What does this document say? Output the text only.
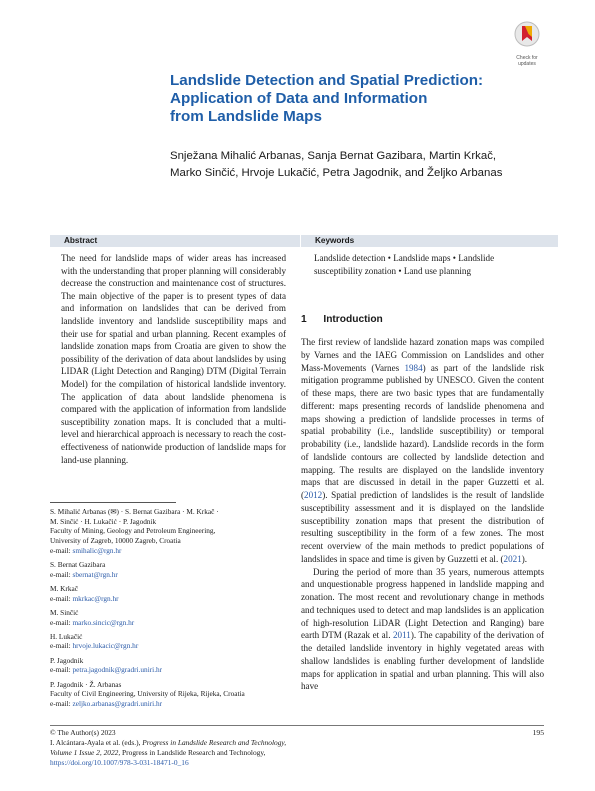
Check for
updates
Landslide Detection and Spatial Prediction:
Application of Data and Information
from Landslide Maps
Snježana Mihalić Arbanas, Sanja Bernat Gazibara, Martin Krkač,
Marko Sinčić, Hrvoje Lukačić, Petra Jagodnik, and Željko Arbanas
Abstract

The need for landslide maps of wider areas has increased with the understanding that proper planning will considerably decrease the construction and maintenance cost of structures. The main objective of the paper is to present types of data and information on landslides that can be derived from landslide inventory and landslide susceptibility maps and their use for spatial and urban planning. Recent examples of landslide zonation maps from Croatia are given to show the possibility of the derivation of data about landslides by using LIDAR (Light Detection and Ranging) DTM (Digital Terrain Model) for the compilation of historical landslide inventory. The application of data about landslide phenomena is compared with the application of information from landslide susceptibility zonation maps. It is concluded that a multi-level and hierarchical approach is necessary to reach the cost-effectiveness of nationwide production of landslide maps for land-use planning.

Keywords

Landslide detection • Landslide maps • Landslide susceptibility zonation • Land use planning

1 Introduction

The first review of landslide hazard zonation maps was compiled by Varnes and the IAEG Commission on Landslides and other Mass-Movements (Varnes 1984) as part of the landslide risk mitigation programme published by UNESCO. Given the content of these maps, there are two basic types that are fundamentally different: maps presenting records of landslide phenomena and maps showing a prediction of landslide processes in terms of spatial probability (i.e., landslide susceptibility) or temporal probability (i.e., landslide hazard). Landslide records in the form of landslide contours are collected by landslide detection and mapping. The results are displayed on the landslide inventory maps that are discussed in detail in the paper Guzzetti et al. (2012). Spatial prediction of landslides is the result of landslide susceptibility assessment and it is displayed on the landslide susceptibility zonation maps that present the distribution of resulting susceptibility in the form of a few zones. The most recent overview of the main methods to predict populations of landslides in space and time is given by Guzzetti et al. (2021).

During the period of more than 35 years, numerous attempts and unquestionable progress happened in landslide mapping and zonation. The most recent and revolutionary change in methods and techniques used to detect and map landslides is an application of high-resolution LiDAR (Light Detection and Ranging) bare earth DTM (Razak et al. 2011). The capability of the derivation of the detailed landslide inventory in highly vegetated areas with shallow landslides is enabling further development of landslide maps for application in spatial and urban planning. This will also have

S. Mihalić Arbanas (✉) · S. Bernat Gazibara · M. Krkač ·
M. Sinčić · H. Lukačić · P. Jagodnik
Faculty of Mining, Geology and Petroleum Engineering,
University of Zagreb, 10000 Zagreb, Croatia
e-mail: smihalic@rgn.hr

S. Bernat Gazibara
e-mail: sbernat@rgn.hr

M. Krkač
e-mail: mkrkac@rgn.hr

M. Sinčić
e-mail: marko.sincic@rgn.hr

H. Lukačić
e-mail: hrvoje.lukacic@rgn.hr

P. Jagodnik
e-mail: petra.jagodnik@gradri.uniri.hr

P. Jagodnik · Ž. Arbanas
Faculty of Civil Engineering, University of Rijeka, Rijeka, Croatia
e-mail: zeljko.arbanas@gradri.uniri.hr

© The Author(s) 2023
I. Alcántara-Ayala et al. (eds.), Progress in Landslide Research and Technology,
Volume 1 Issue 2, 2022, Progress in Landslide Research and Technology,
https://doi.org/10.1007/978-3-031-18471-0_16
195
